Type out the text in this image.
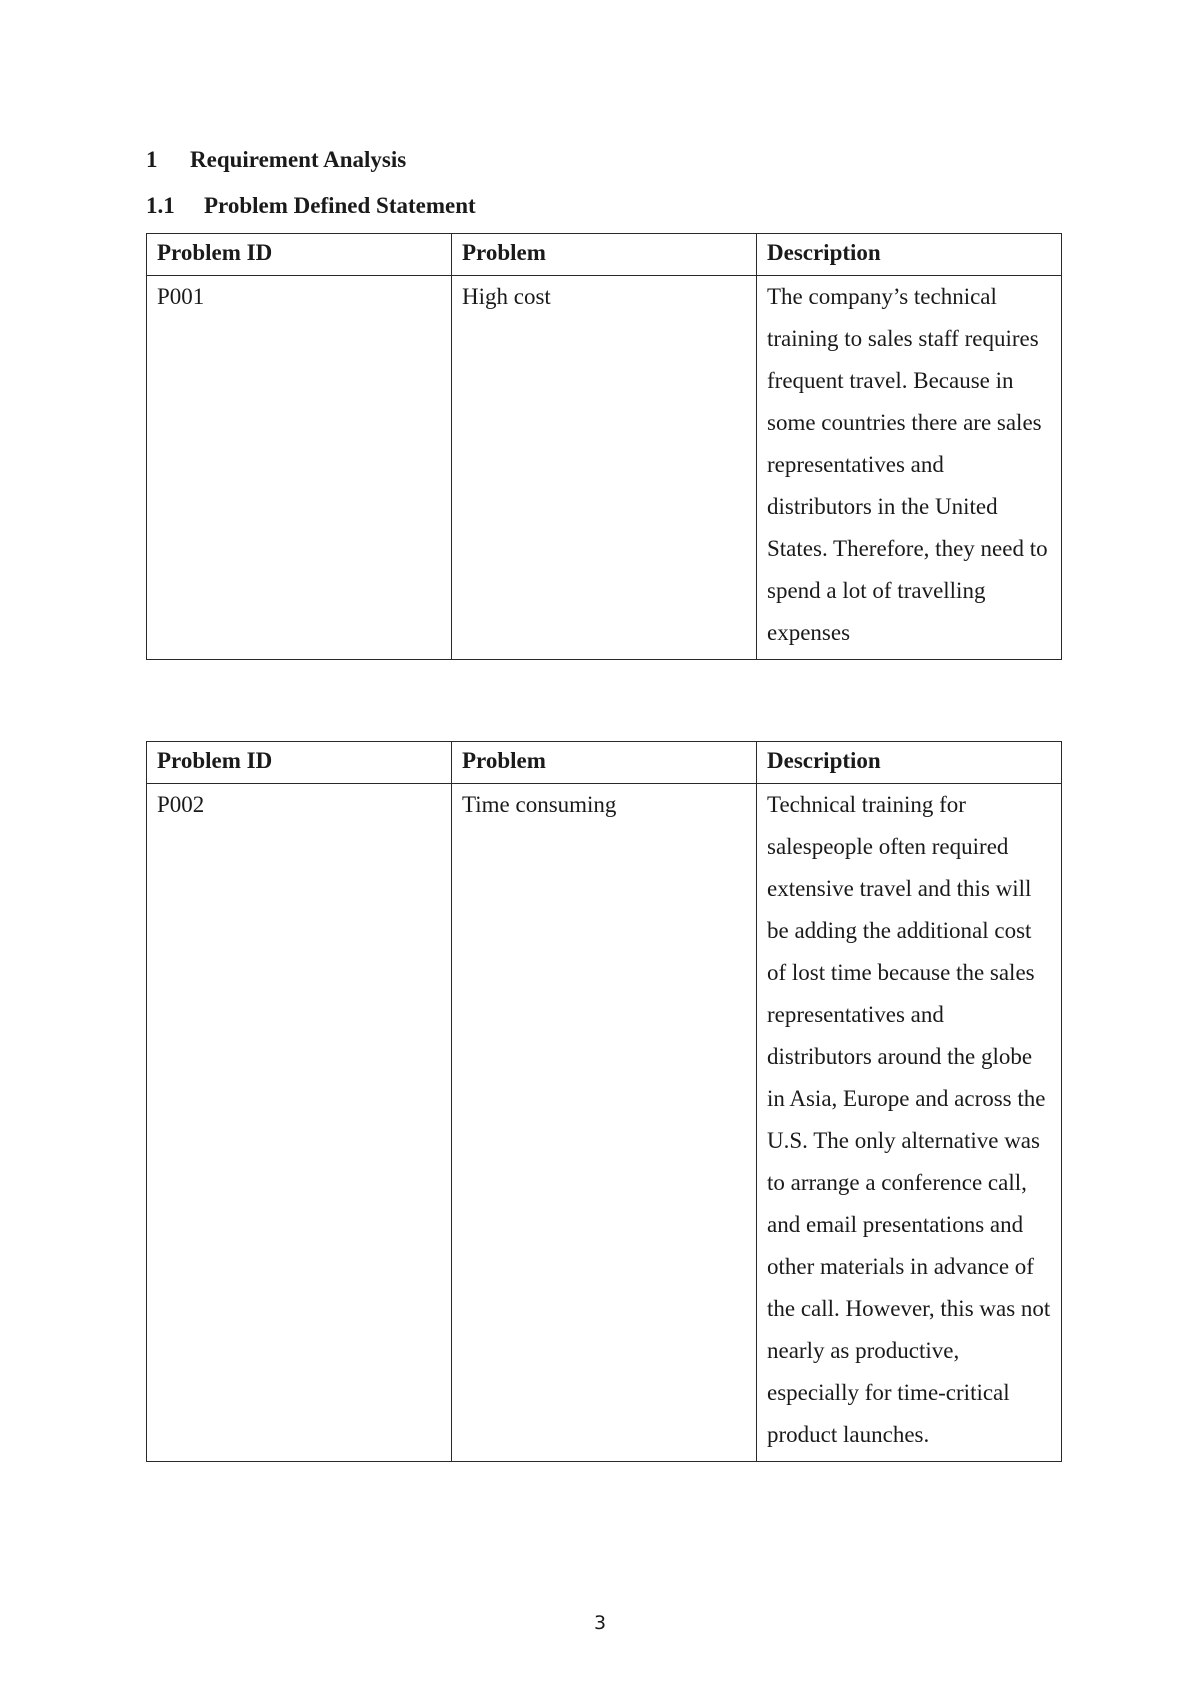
1 Requirement Analysis
1.1 Problem Defined Statement
Problem ID	Problem	Description
P001	High cost	The company’s technical training to sales staff requires frequent travel. Because in some countries there are sales representatives and distributors in the United States. Therefore, they need to spend a lot of travelling expenses
Problem ID	Problem	Description
P002	Time consuming	Technical training for salespeople often required extensive travel and this will be adding the additional cost of lost time because the sales representatives and distributors around the globe in Asia, Europe and across the U.S. The only alternative was to arrange a conference call, and email presentations and other materials in advance of the call. However, this was not nearly as productive, especially for time-critical product launches.
3
